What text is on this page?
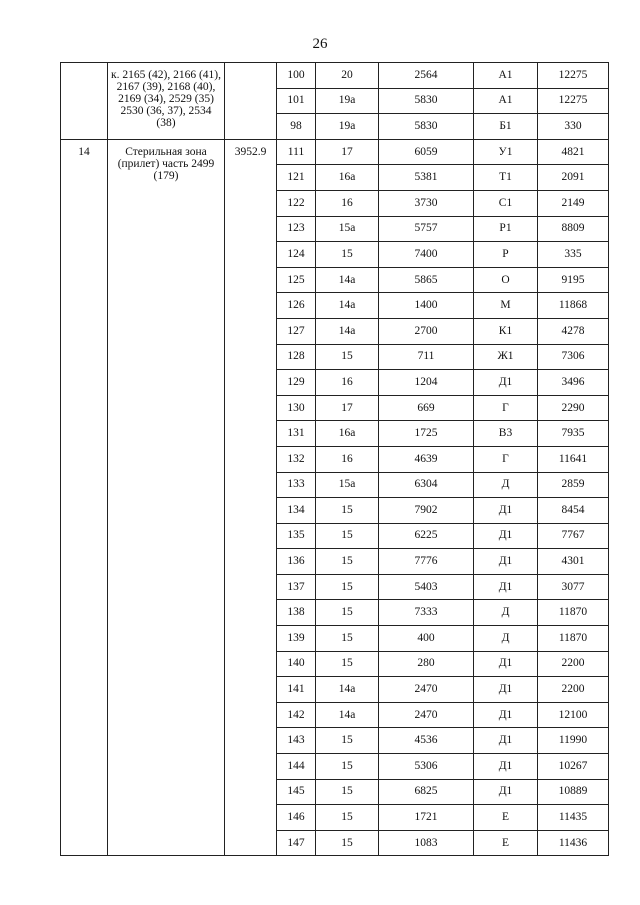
26
	к. 2165 (42), 2166 (41), 2167 (39), 2168 (40), 2169 (34), 2529 (35) 2530 (36, 37), 2534 (38)		100	20	2564	А1	12275
			101	19а	5830	А1	12275
			98	19а	5830	Б1	330
14	Стерильная зона (прилет) часть 2499 (179)	3952.9	111	17	6059	У1	4821
			121	16а	5381	Т1	2091
			122	16	3730	С1	2149
			123	15а	5757	Р1	8809
			124	15	7400	Р	335
			125	14а	5865	О	9195
			126	14а	1400	М	11868
			127	14а	2700	К1	4278
			128	15	711	Ж1	7306
			129	16	1204	Д1	3496
			130	17	669	Г	2290
			131	16а	1725	В3	7935
			132	16	4639	Г	11641
			133	15а	6304	Д	2859
			134	15	7902	Д1	8454
			135	15	6225	Д1	7767
			136	15	7776	Д1	4301
			137	15	5403	Д1	3077
			138	15	7333	Д	11870
			139	15	400	Д	11870
			140	15	280	Д1	2200
			141	14а	2470	Д1	2200
			142	14а	2470	Д1	12100
			143	15	4536	Д1	11990
			144	15	5306	Д1	10267
			145	15	6825	Д1	10889
			146	15	1721	Е	11435
			147	15	1083	Е	11436
